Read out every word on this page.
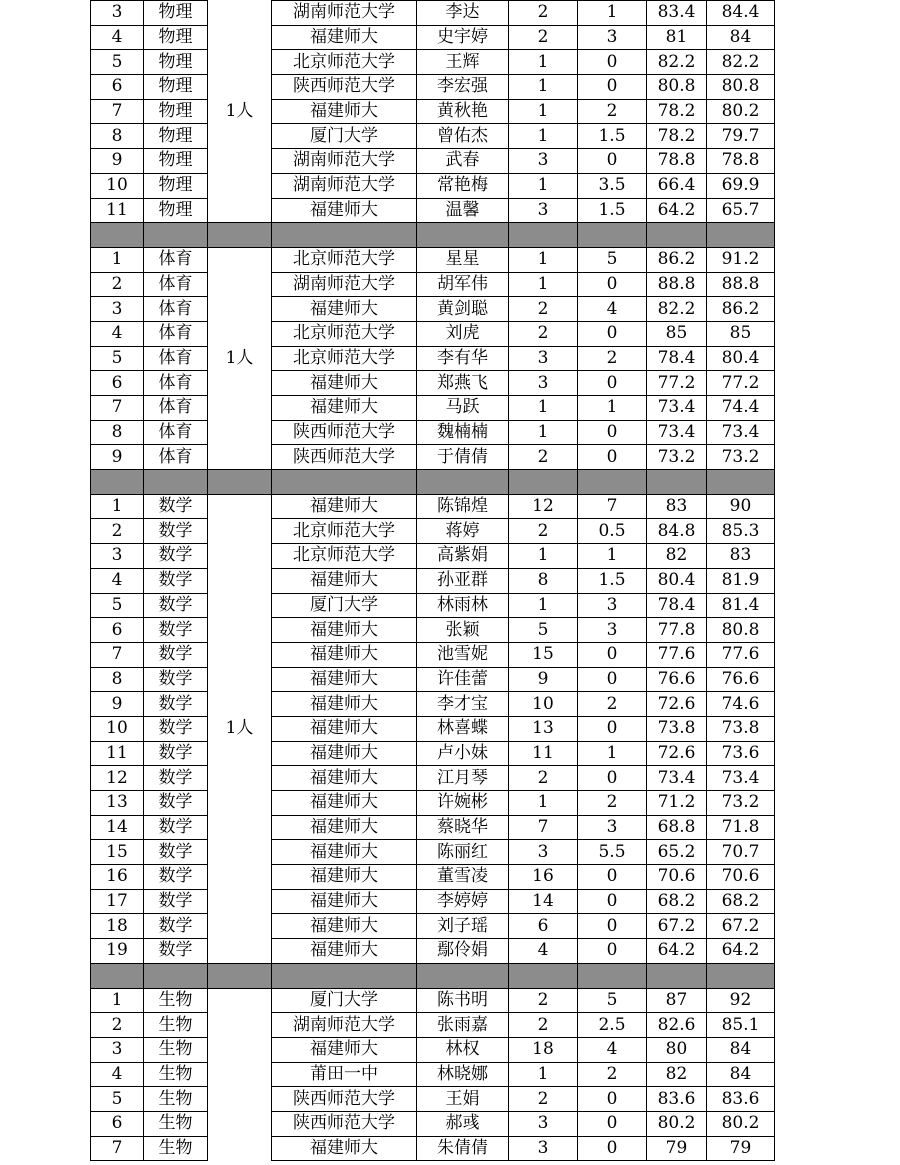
3	物理		湖南师范大学	李达	2	1	83.4	84.4
4	物理		福建师大	史宇婷	2	3	81	84
5	物理		北京师范大学	王辉	1	0	82.2	82.2
6	物理		陕西师范大学	李宏强	1	0	80.8	80.8
7	物理	1人	福建师大	黄秋艳	1	2	78.2	80.2
8	物理		厦门大学	曾佑杰	1	1.5	78.2	79.7
9	物理		湖南师范大学	武春	3	0	78.8	78.8
10	物理		湖南师范大学	常艳梅	1	3.5	66.4	69.9
11	物理		福建师大	温馨	3	1.5	64.2	65.7

1	体育		北京师范大学	星星	1	5	86.2	91.2
2	体育		湖南师范大学	胡军伟	1	0	88.8	88.8
3	体育		福建师大	黄剑聪	2	4	82.2	86.2
4	体育		北京师范大学	刘虎	2	0	85	85
5	体育	1人	北京师范大学	李有华	3	2	78.4	80.4
6	体育		福建师大	郑燕飞	3	0	77.2	77.2
7	体育		福建师大	马跃	1	1	73.4	74.4
8	体育		陕西师范大学	魏楠楠	1	0	73.4	73.4
9	体育		陕西师范大学	于倩倩	2	0	73.2	73.2

1	数学		福建师大	陈锦煌	12	7	83	90
2	数学		北京师范大学	蒋婷	2	0.5	84.8	85.3
3	数学		北京师范大学	高紫娟	1	1	82	83
4	数学		福建师大	孙亚群	8	1.5	80.4	81.9
5	数学		厦门大学	林雨林	1	3	78.4	81.4
6	数学		福建师大	张颖	5	3	77.8	80.8
7	数学		福建师大	池雪妮	15	0	77.6	77.6
8	数学		福建师大	许佳蕾	9	0	76.6	76.6
9	数学		福建师大	李才宝	10	2	72.6	74.6
10	数学	1人	福建师大	林喜蝶	13	0	73.8	73.8
11	数学		福建师大	卢小妹	11	1	72.6	73.6
12	数学		福建师大	江月琴	2	0	73.4	73.4
13	数学		福建师大	许婉彬	1	2	71.2	73.2
14	数学		福建师大	蔡晓华	7	3	68.8	71.8
15	数学		福建师大	陈丽红	3	5.5	65.2	70.7
16	数学		福建师大	董雪凌	16	0	70.6	70.6
17	数学		福建师大	李婷婷	14	0	68.2	68.2
18	数学		福建师大	刘子瑶	6	0	67.2	67.2
19	数学		福建师大	鄢伶娟	4	0	64.2	64.2

1	生物		厦门大学	陈书明	2	5	87	92
2	生物		湖南师范大学	张雨嘉	2	2.5	82.6	85.1
3	生物		福建师大	林权	18	4	80	84
4	生物		莆田一中	林晓娜	1	2	82	84
5	生物		陕西师范大学	王娟	2	0	83.6	83.6
6	生物		陕西师范大学	郝彧	3	0	80.2	80.2
7	生物		福建师大	朱倩倩	3	0	79	79
